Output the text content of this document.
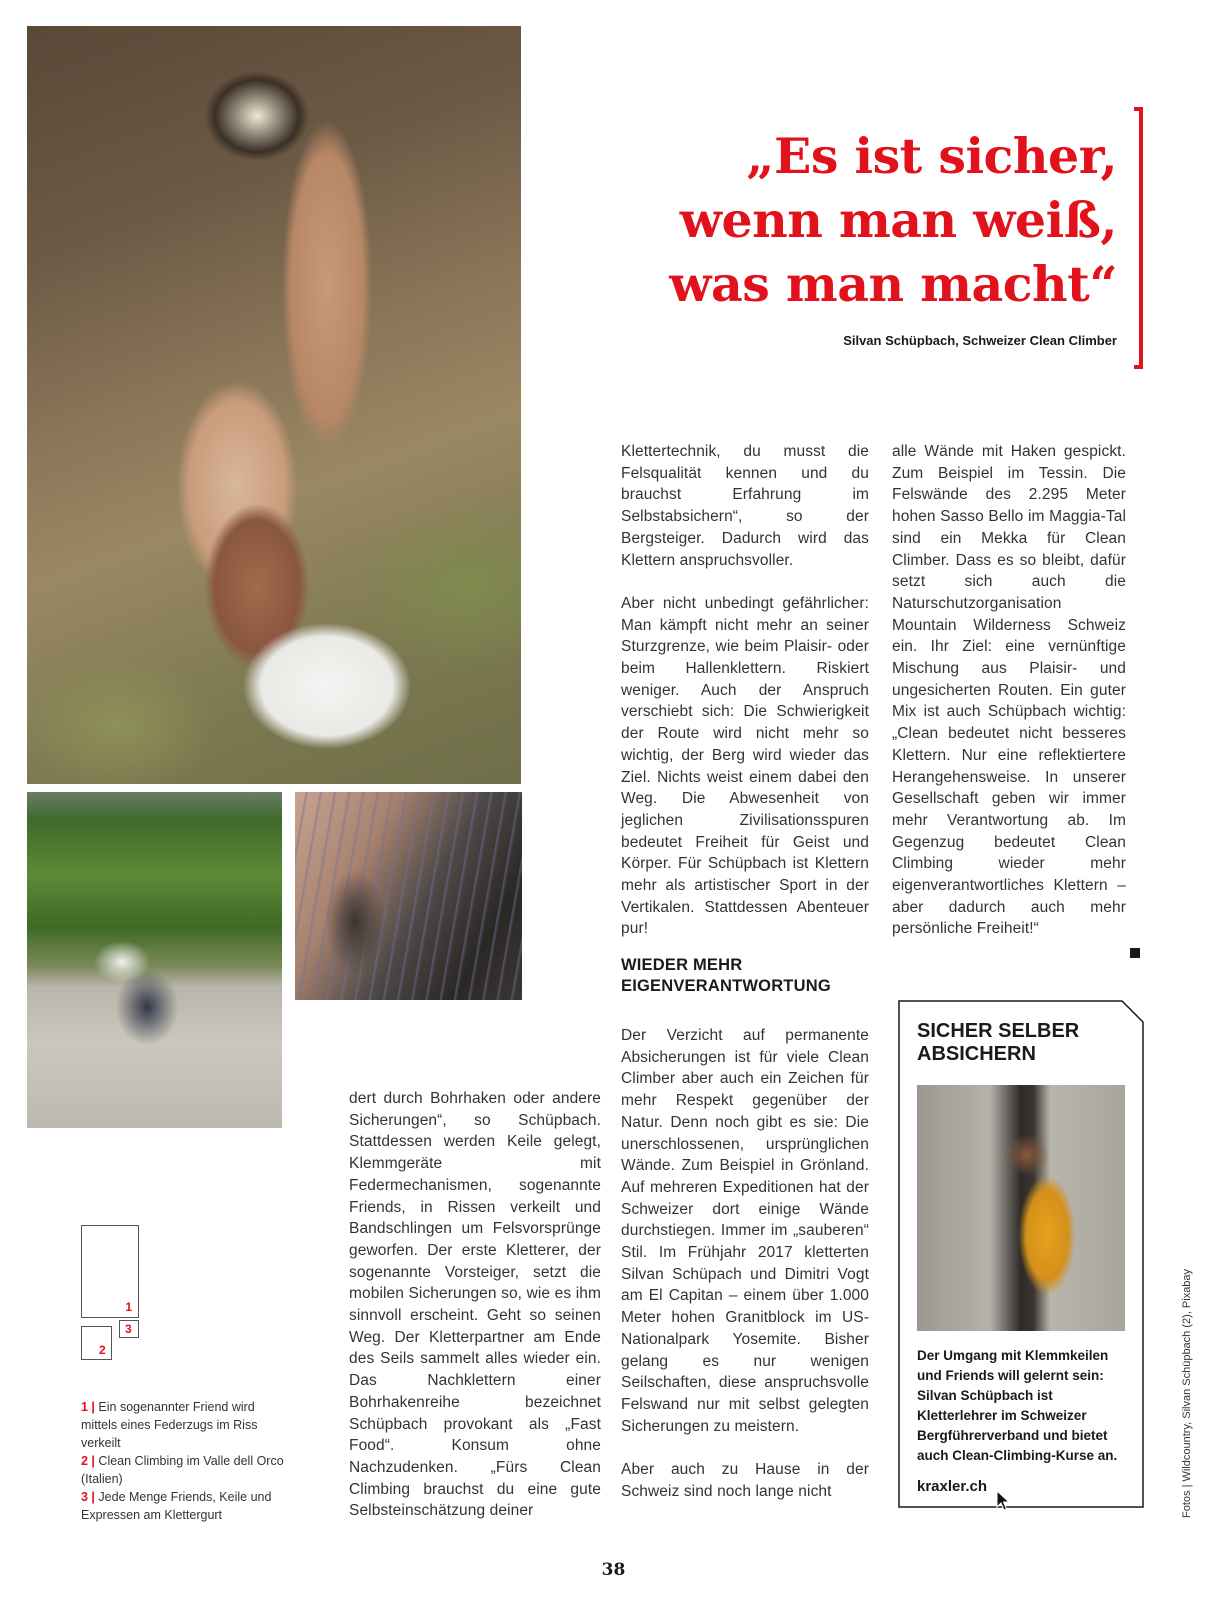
„Es ist sicher,
wenn man weiß,
was man macht“
Silvan Schüpbach, Schweizer Clean Climber

Klettertechnik, du musst die Felsqualität kennen und du brauchst Erfahrung im Selbstabsichern“, so der Bergsteiger. Dadurch wird das Klettern anspruchsvoller.

Aber nicht unbedingt gefährlicher: Man kämpft nicht mehr an seiner Sturzgrenze, wie beim Plaisir- oder beim Hallenklettern. Riskiert weniger. Auch der Anspruch verschiebt sich: Die Schwierigkeit der Route wird nicht mehr so wichtig, der Berg wird wieder das Ziel. Nichts weist einem dabei den Weg. Die Abwesenheit von jeglichen Zivilisationsspuren bedeutet Freiheit für Geist und Körper. Für Schüpbach ist Klettern mehr als artistischer Sport in der Vertikalen. Stattdessen Abenteuer pur!

alle Wände mit Haken gespickt. Zum Beispiel im Tessin. Die Felswände des 2.295 Meter hohen Sasso Bello im Maggia-Tal sind ein Mekka für Clean Climber. Dass es so bleibt, dafür setzt sich auch die Naturschutzorganisation Mountain Wilderness Schweiz ein. Ihr Ziel: eine vernünftige Mischung aus Plaisir- und ungesicherten Routen. Ein guter Mix ist auch Schüpbach wichtig: „Clean bedeutet nicht besseres Klettern. Nur eine reflektiertere Herangehensweise. In unserer Gesellschaft geben wir immer mehr Verantwortung ab. Im Gegenzug bedeutet Clean Climbing wieder mehr eigenverantwortliches Klettern – aber dadurch auch mehr persönliche Freiheit!“

WIEDER MEHR EIGENVERANTWORTUNG

Der Verzicht auf permanente Absicherungen ist für viele Clean Climber aber auch ein Zeichen für mehr Respekt gegenüber der Natur. Denn noch gibt es sie: Die unerschlossenen, ursprünglichen Wände. Zum Beispiel in Grönland. Auf mehreren Expeditionen hat der Schweizer dort einige Wände durchstiegen. Immer im „sauberen“ Stil. Im Frühjahr 2017 kletterten Silvan Schüpach und Dimitri Vogt am El Capitan – einem über 1.000 Meter hohen Granitblock im US-Nationalpark Yosemite. Bisher gelang es nur wenigen Seilschaften, diese anspruchsvolle Felswand nur mit selbst gelegten Sicherungen zu meistern.

Aber auch zu Hause in der Schweiz sind noch lange nicht

dert durch Bohrhaken oder andere Sicherungen“, so Schüpbach. Stattdessen werden Keile gelegt, Klemmgeräte mit Federmechanismen, sogenannte Friends, in Rissen verkeilt und Bandschlingen um Felsvorsprünge geworfen. Der erste Kletterer, der sogenannte Vorsteiger, setzt die mobilen Sicherungen so, wie es ihm sinnvoll erscheint. Geht so seinen Weg. Der Kletterpartner am Ende des Seils sammelt alles wieder ein. Das Nachklettern einer Bohrhakenreihe bezeichnet Schüpbach provokant als „Fast Food“. Konsum ohne Nachzudenken. „Fürs Clean Climbing brauchst du eine gute Selbsteinschätzung deiner

SICHER SELBER ABSICHERN
Der Umgang mit Klemmkeilen und Friends will gelernt sein: Silvan Schüpbach ist Kletterlehrer im Schweizer Bergführerverband und bietet auch Clean-Climbing-Kurse an.
kraxler.ch
1
2
3
1 | Ein sogenannter Friend wird mittels eines Federzugs im Riss verkeilt
2 | Clean Climbing im Valle dell Orco (Italien)
3 | Jede Menge Friends, Keile und Expressen am Klettergurt	Fotos | Wildcountry, Silvan Schüpbach (2), Pixabay
38
